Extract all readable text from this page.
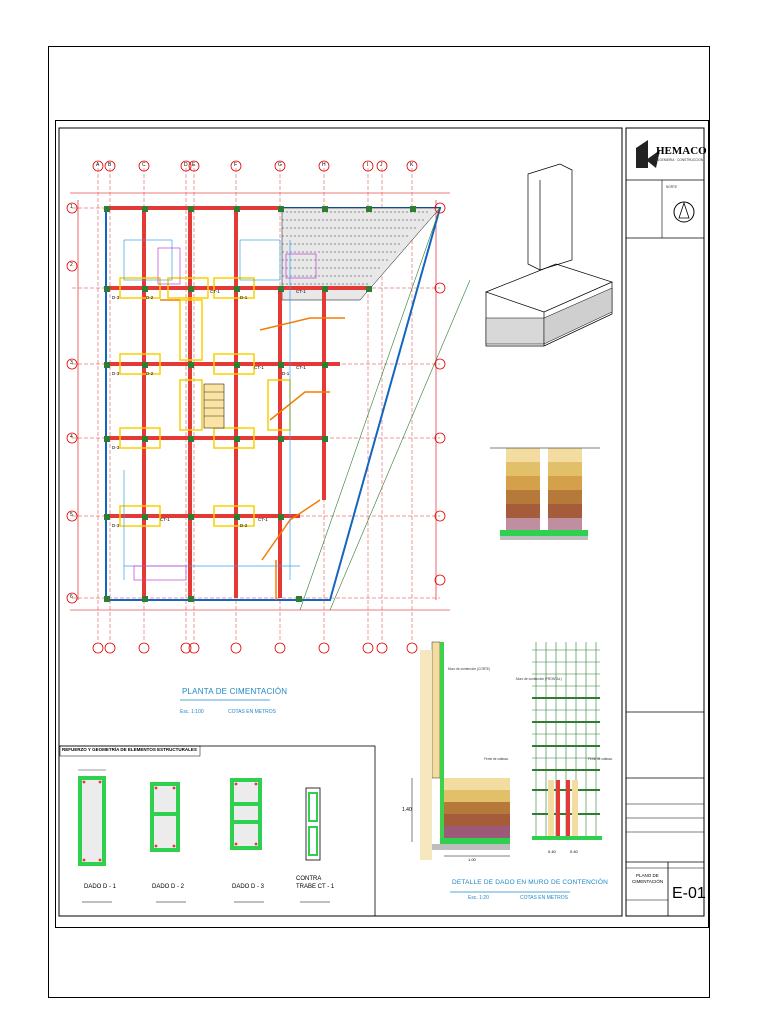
HEMACO
INGENIERIA · CONSTRUCCION
NORTE
PLANO DE
CIMENTACIÓN
E-01
PLANTA DE CIMENTACIÓN
Esc. 1:100	COTAS EN METROS
DETALLE DE DADO EN MURO DE CONTENCIÓN
Esc. 1:20	COTAS EN METROS
Muro de contención (CORTE)
Muro de contención (FRONTAL)
Firme de cdlasso	Firme de cdlasso
1.40
1.00
0.40	0.40
REFUERZO Y GEOMETRÍA DE ELEMENTOS ESTRUCTURALES
DADO D - 1	DADO D - 2	DADO D - 3
CONTRA TRABE CT - 1
A B	C	D E	F	G	H	I J	K
1
2
3
4
5
6
D-3	D-2
CT-1
D-1
CT-1
D-3	D-2
CT-1
D-1
CT-1
D-3
D-3
CT-1
D-2
CT-1
